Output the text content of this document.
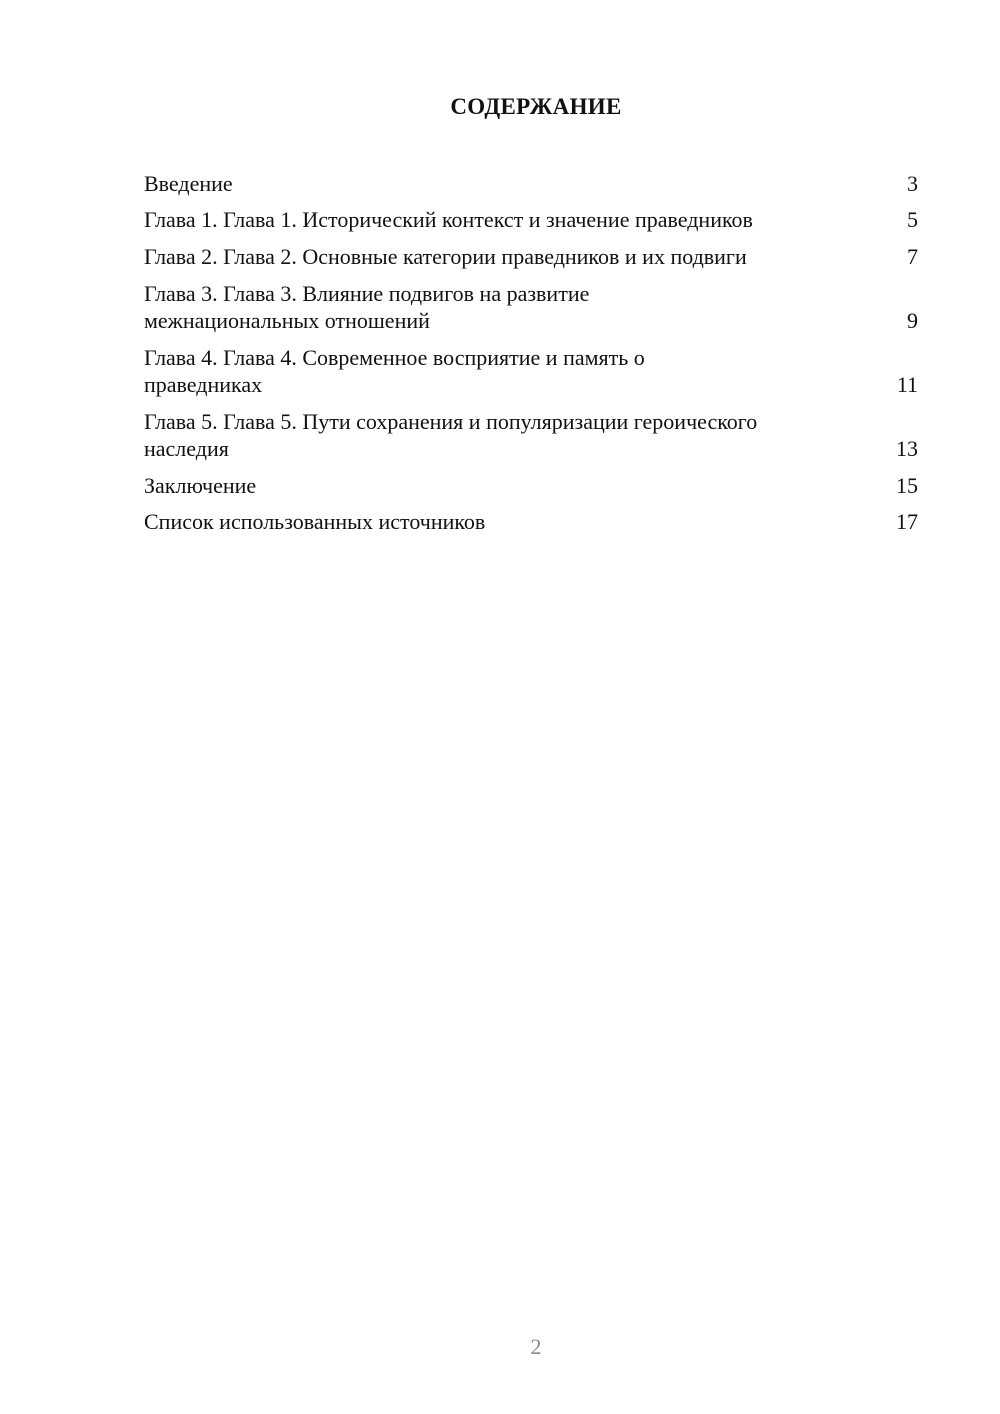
СОДЕРЖАНИЕ
Введение	3
Глава 1. Глава 1. Исторический контекст и значение праведников	5
Глава 2. Глава 2. Основные категории праведников и их подвиги	7
Глава 3. Глава 3. Влияние подвигов на развитие межнациональных отношений	9
Глава 4. Глава 4. Современное восприятие и память о праведниках	11
Глава 5. Глава 5. Пути сохранения и популяризации героического наследия	13
Заключение	15
Список использованных источников	17
2
